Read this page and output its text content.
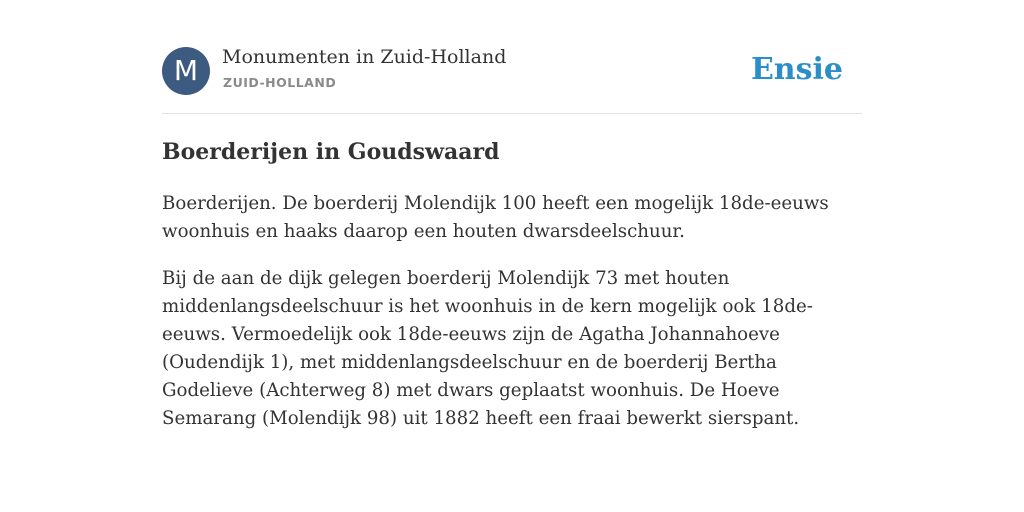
M	Monumenten in Zuid-Holland
ZUID-HOLLAND	Ensie
Boerderijen in Goudswaard

Boerderijen. De boerderij Molendijk 100 heeft een mogelijk 18de-eeuws woonhuis en haaks daarop een houten dwarsdeelschuur.

Bij de aan de dijk gelegen boerderij Molendijk 73 met houten middenlangsdeelschuur is het woonhuis in de kern mogelijk ook 18de-eeuws. Vermoedelijk ook 18de-eeuws zijn de Agatha Johannahoeve (Oudendijk 1), met middenlangsdeelschuur en de boerderij Bertha Godelieve (Achterweg 8) met dwars geplaatst woonhuis. De Hoeve Semarang (Molendijk 98) uit 1882 heeft een fraai bewerkt sierspant.
